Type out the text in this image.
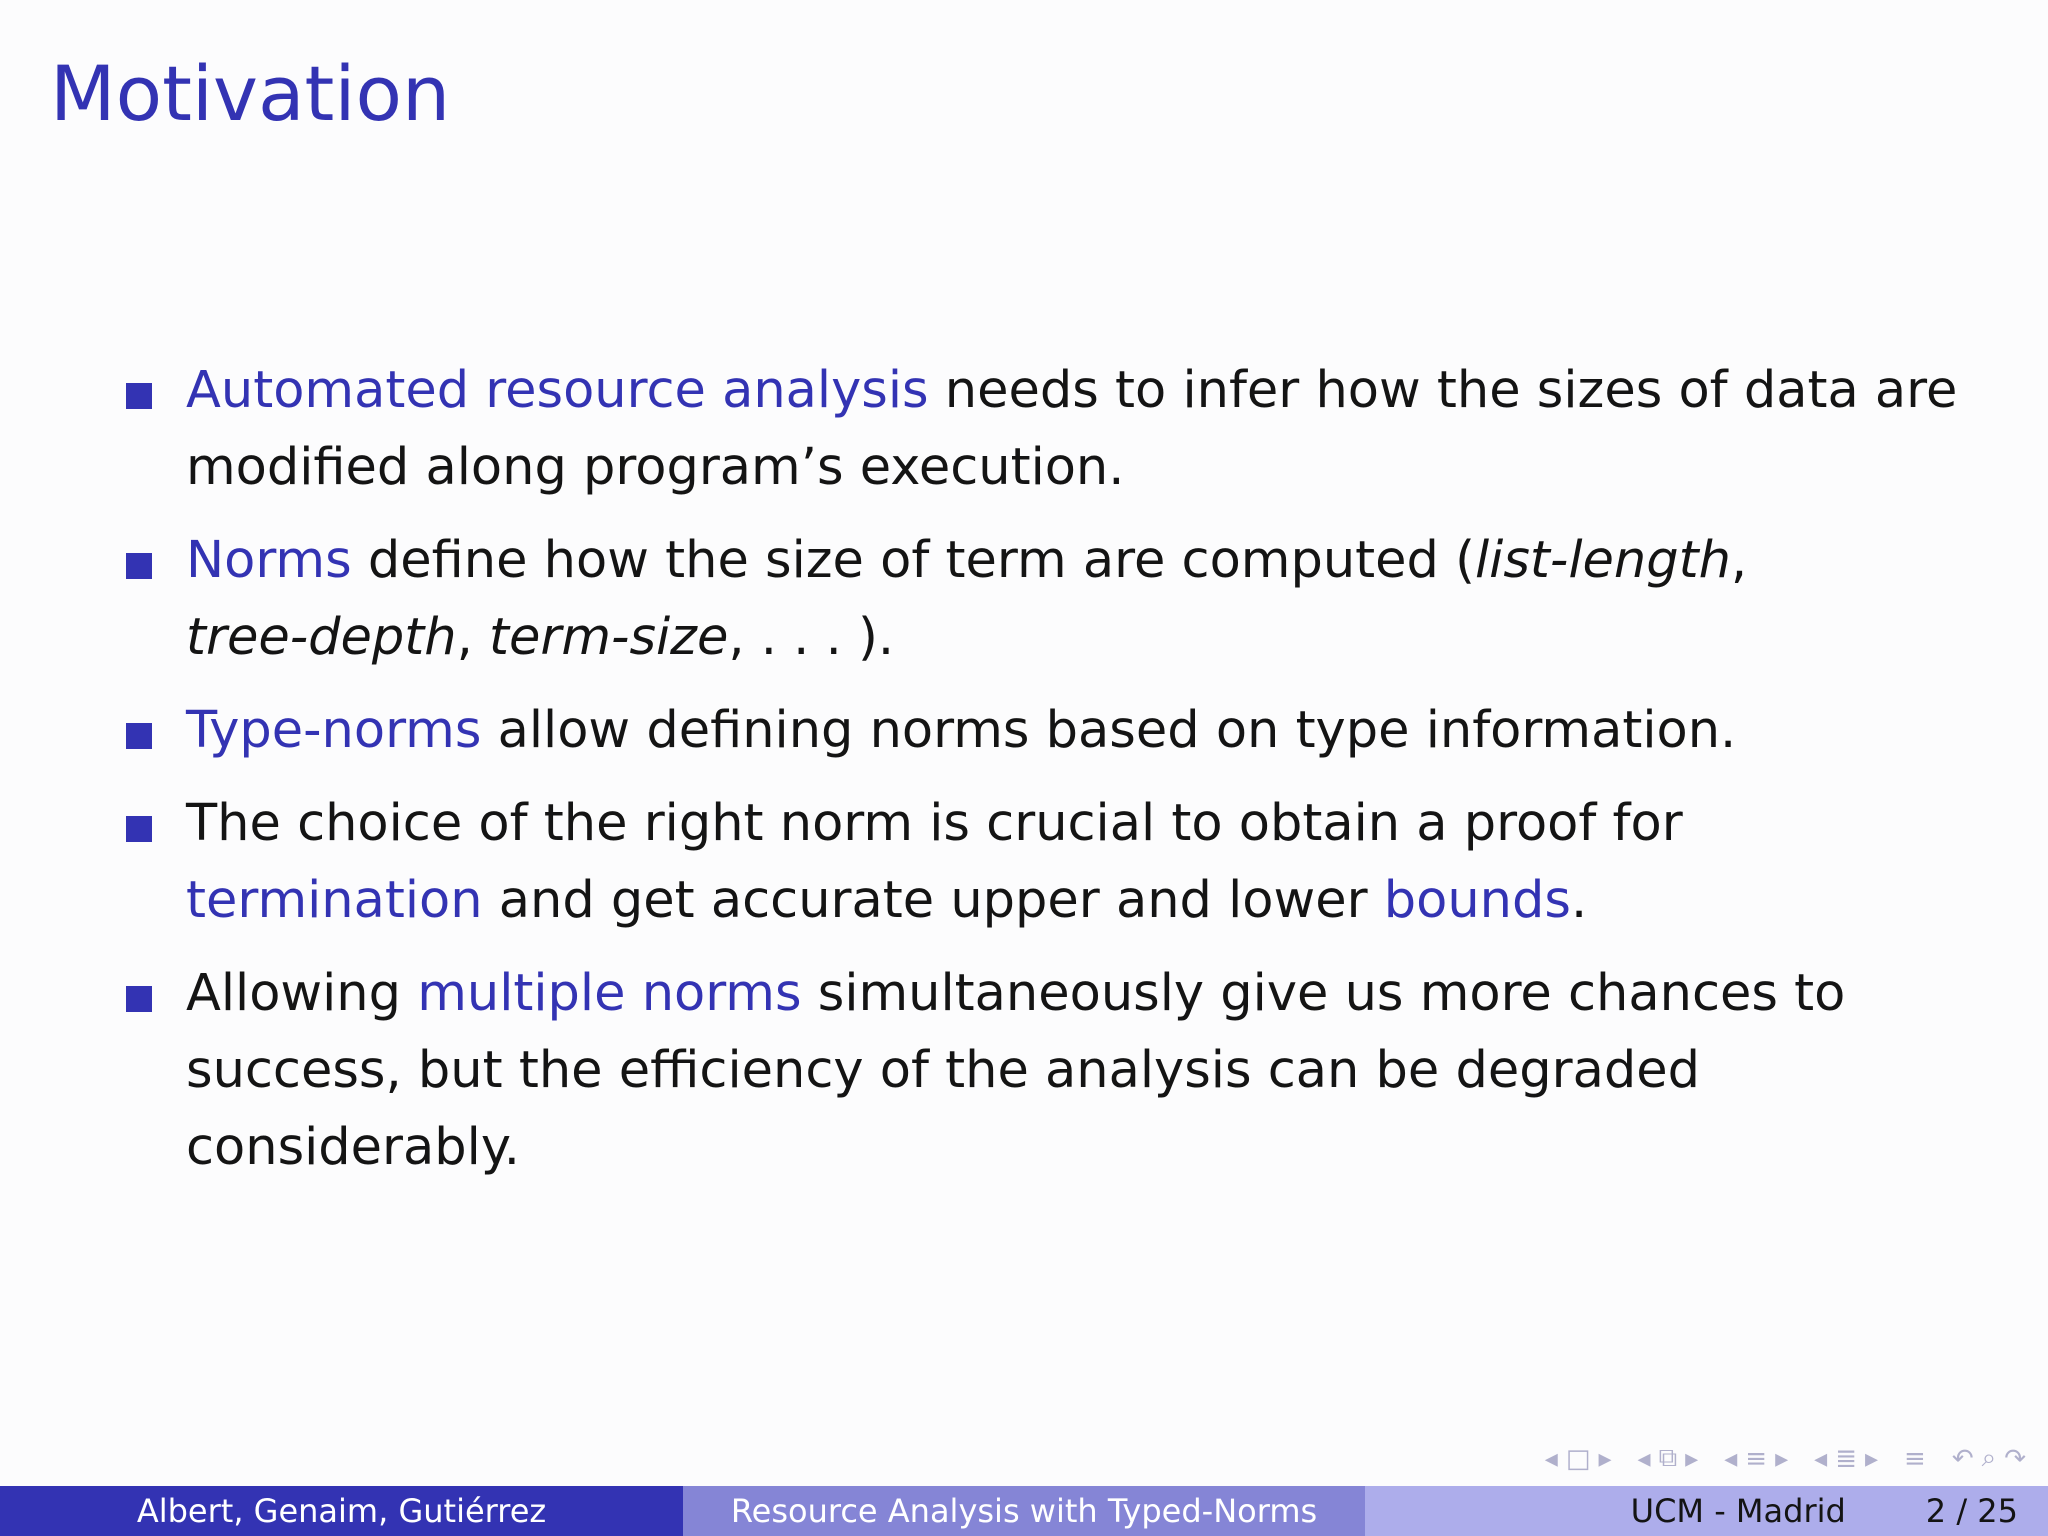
Motivation
Automated resource analysis needs to infer how the sizes of data are
modified along program’s execution.
Norms define how the size of term are computed (list-length,
tree-depth, term-size, . . . ).
Type-norms allow defining norms based on type information.
The choice of the right norm is crucial to obtain a proof for
termination and get accurate upper and lower bounds.
Allowing multiple norms simultaneously give us more chances to
success, but the efficiency of the analysis can be degraded
considerably.
◂ □ ▸ ◂ ⧉ ▸ ◂ ≡ ▸ ◂ ≣ ▸ ≡ ↶ ⌕ ↷
Albert, Genaim, Gutiérrez	Resource Analysis with Typed-Norms	UCM - Madrid	2 / 25
